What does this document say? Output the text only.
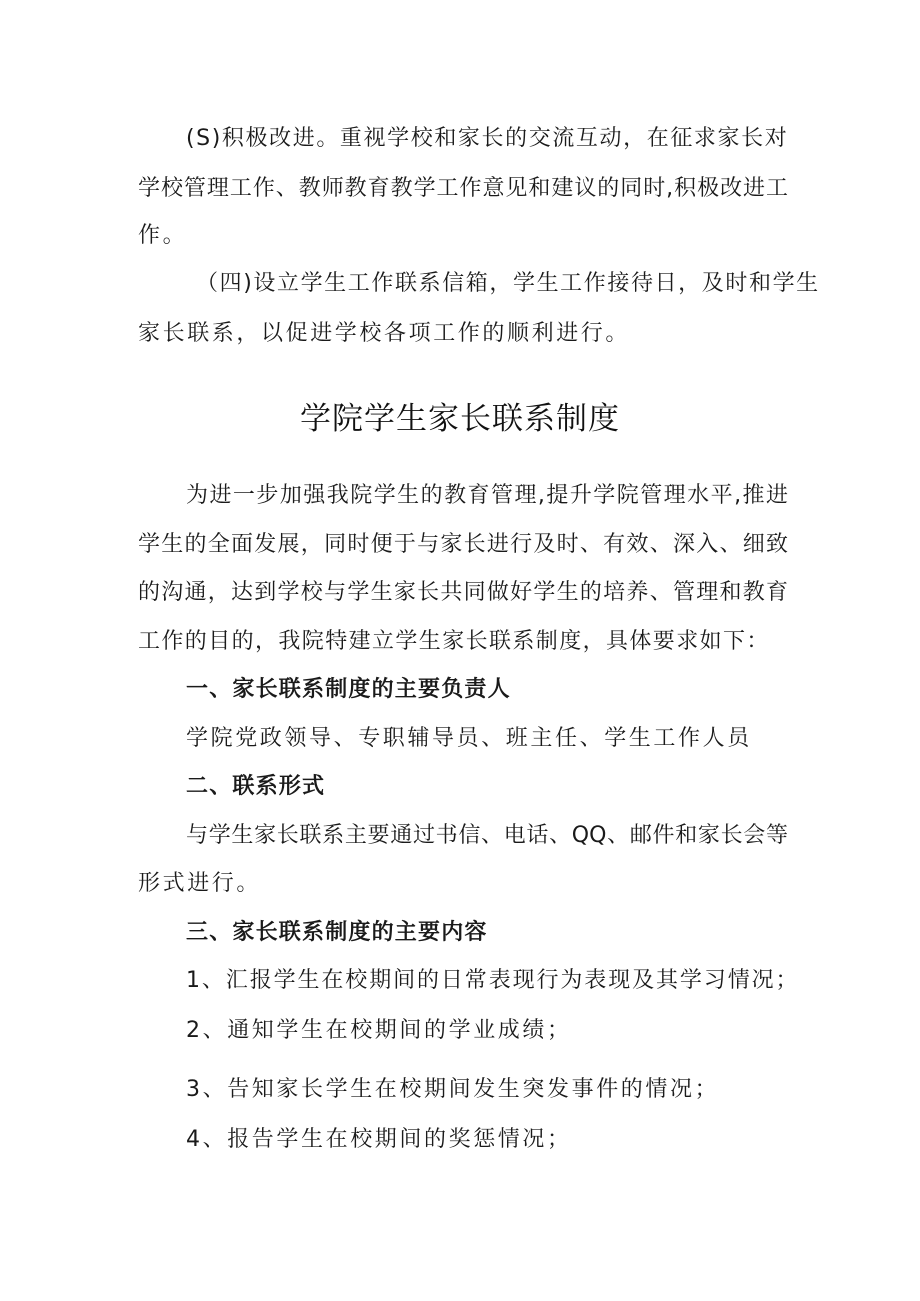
(S)积极改进。重视学校和家长的交流互动，在征求家长对
学校管理工作、教师教育教学工作意见和建议的同时,积极改进工
作。
（四)设立学生工作联系信箱，学生工作接待日，及时和学生
家长联系，以促进学校各项工作的顺利进行。
学院学生家长联系制度
为进一步加强我院学生的教育管理,提升学院管理水平,推进
学生的全面发展，同时便于与家长进行及时、有效、深入、细致
的沟通，达到学校与学生家长共同做好学生的培养、管理和教育
工作的目的，我院特建立学生家长联系制度，具体要求如下：
一、家长联系制度的主要负责人
学院党政领导、专职辅导员、班主任、学生工作人员
二、联系形式
与学生家长联系主要通过书信、电话、QQ、邮件和家长会等
形式进行。
三、家长联系制度的主要内容
1、汇报学生在校期间的日常表现行为表现及其学习情况；
2、通知学生在校期间的学业成绩；
3、告知家长学生在校期间发生突发事件的情况；
4、报告学生在校期间的奖惩情况；
